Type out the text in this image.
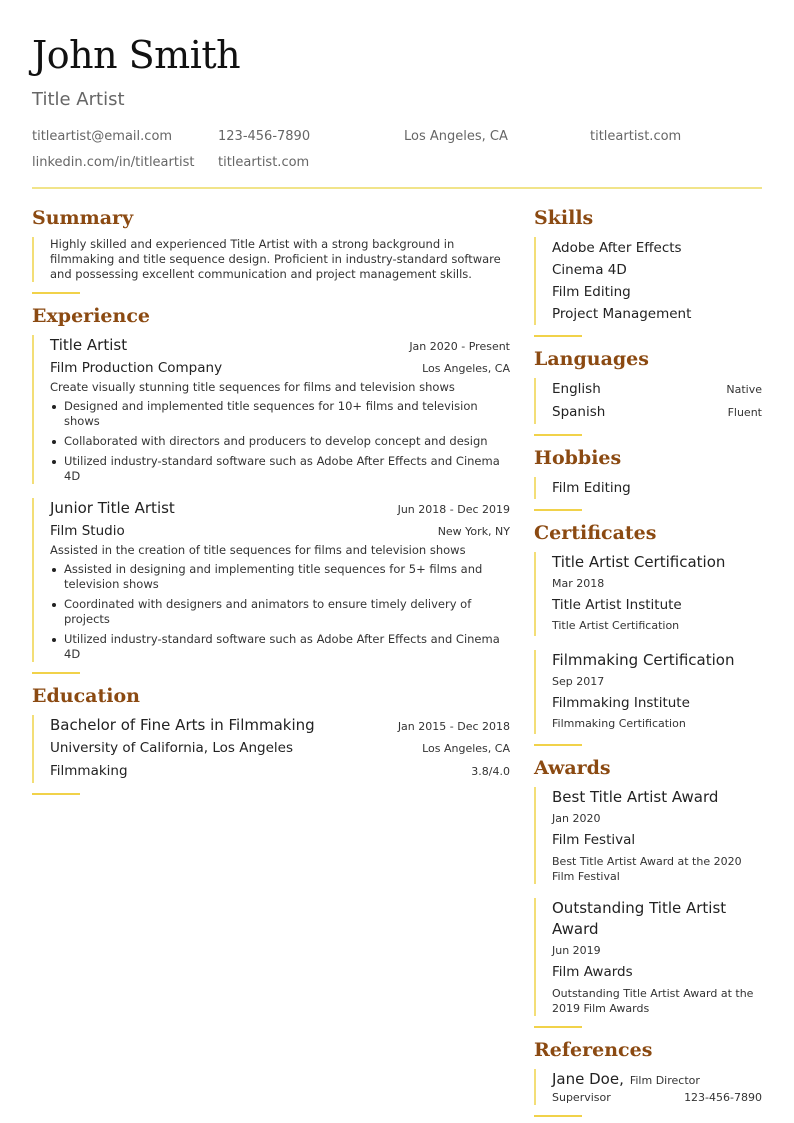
John Smith
Title Artist
titleartist@email.com	123-456-7890	Los Angeles, CA	titleartist.com
linkedin.com/in/titleartist	titleartist.com
Summary
Highly skilled and experienced Title Artist with a strong background in filmmaking and title sequence design. Proficient in industry-standard software and possessing excellent communication and project management skills.
Experience
Title Artist	Jan 2020 - Present
Film Production Company	Los Angeles, CA
Create visually stunning title sequences for films and television shows
Designed and implemented title sequences for 10+ films and television shows
Collaborated with directors and producers to develop concept and design
Utilized industry-standard software such as Adobe After Effects and Cinema 4D
Junior Title Artist	Jun 2018 - Dec 2019
Film Studio	New York, NY
Assisted in the creation of title sequences for films and television shows
Assisted in designing and implementing title sequences for 5+ films and television shows
Coordinated with designers and animators to ensure timely delivery of projects
Utilized industry-standard software such as Adobe After Effects and Cinema 4D
Education
Bachelor of Fine Arts in Filmmaking	Jan 2015 - Dec 2018
University of California, Los Angeles	Los Angeles, CA
Filmmaking	3.8/4.0
Skills
Adobe After Effects
Cinema 4D
Film Editing
Project Management
Languages
English	Native
Spanish	Fluent
Hobbies
Film Editing
Certificates
Title Artist Certification
Mar 2018
Title Artist Institute
Title Artist Certification
Filmmaking Certification
Sep 2017
Filmmaking Institute
Filmmaking Certification
Awards
Best Title Artist Award
Jan 2020
Film Festival
Best Title Artist Award at the 2020 Film Festival
Outstanding Title Artist Award
Jun 2019
Film Awards
Outstanding Title Artist Award at the 2019 Film Awards
References
Jane Doe, Film Director
Supervisor	123-456-7890
